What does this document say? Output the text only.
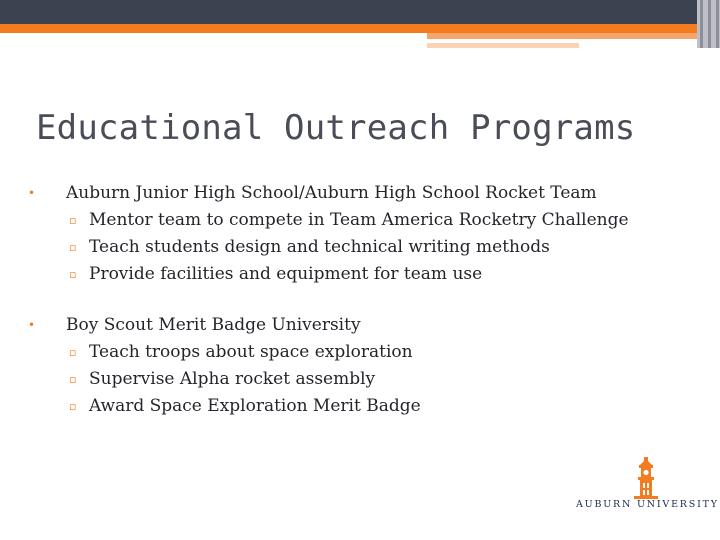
Educational Outreach Programs
• Auburn Junior High School/Auburn High School Rocket Team
▫ Mentor team to compete in Team America Rocketry Challenge
▫ Teach students design and technical writing methods
▫ Provide facilities and equipment for team use
• Boy Scout Merit Badge University
▫ Teach troops about space exploration
▫ Supervise Alpha rocket assembly
▫ Award Space Exploration Merit Badge
AUBURN UNIVERSITY
